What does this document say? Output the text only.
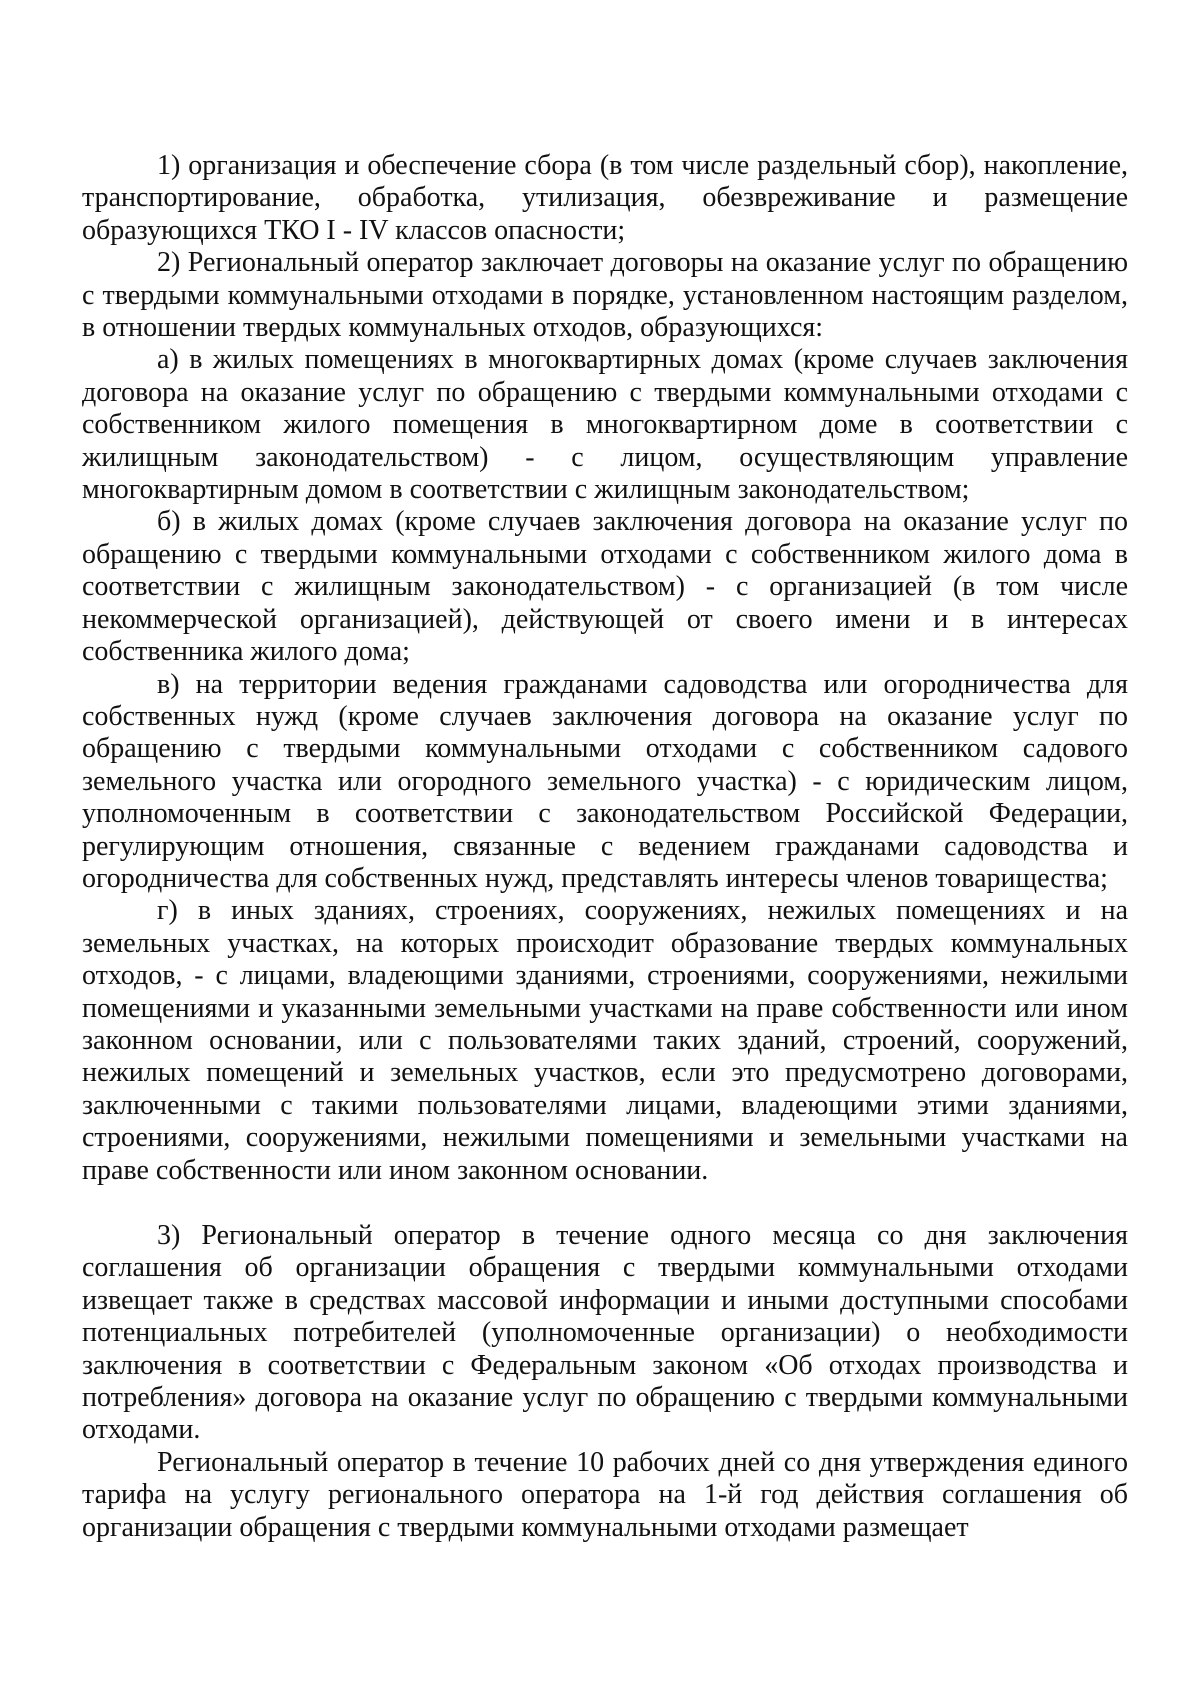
1) организация и обеспечение сбора (в том числе раздельный сбор), накопление, транспортирование, обработка, утилизация, обезвреживание и размещение образующихся ТКО I - IV классов опасности;

2) Региональный оператор заключает договоры на оказание услуг по обращению с твердыми коммунальными отходами в порядке, установленном настоящим разделом, в отношении твердых коммунальных отходов, образующихся:

а) в жилых помещениях в многоквартирных домах (кроме случаев заключения договора на оказание услуг по обращению с твердыми коммунальными отходами с собственником жилого помещения в многоквартирном доме в соответствии с жилищным законодательством) - с лицом, осуществляющим управление многоквартирным домом в соответствии с жилищным законодательством;

б) в жилых домах (кроме случаев заключения договора на оказание услуг по обращению с твердыми коммунальными отходами с собственником жилого дома в соответствии с жилищным законодательством) - с организацией (в том числе некоммерческой организацией), действующей от своего имени и в интересах собственника жилого дома;

в) на территории ведения гражданами садоводства или огородничества для собственных нужд (кроме случаев заключения договора на оказание услуг по обращению с твердыми коммунальными отходами с собственником садового земельного участка или огородного земельного участка) - с юридическим лицом, уполномоченным в соответствии с законодательством Российской Федерации, регулирующим отношения, связанные с ведением гражданами садоводства и огородничества для собственных нужд, представлять интересы членов товарищества;

г) в иных зданиях, строениях, сооружениях, нежилых помещениях и на земельных участках, на которых происходит образование твердых коммунальных отходов, - с лицами, владеющими зданиями, строениями, сооружениями, нежилыми помещениями и указанными земельными участками на праве собственности или ином законном основании, или с пользователями таких зданий, строений, сооружений, нежилых помещений и земельных участков, если это предусмотрено договорами, заключенными с такими пользователями лицами, владеющими этими зданиями, строениями, сооружениями, нежилыми помещениями и земельными участками на праве собственности или ином законном основании.

3) Региональный оператор в течение одного месяца со дня заключения соглашения об организации обращения с твердыми коммунальными отходами извещает также в средствах массовой информации и иными доступными способами потенциальных потребителей (уполномоченные организации) о необходимости заключения в соответствии с Федеральным законом «Об отходах производства и потребления» договора на оказание услуг по обращению с твердыми коммунальными отходами.

Региональный оператор в течение 10 рабочих дней со дня утверждения единого тарифа на услугу регионального оператора на 1-й год действия соглашения об организации обращения с твердыми коммунальными отходами размещает
